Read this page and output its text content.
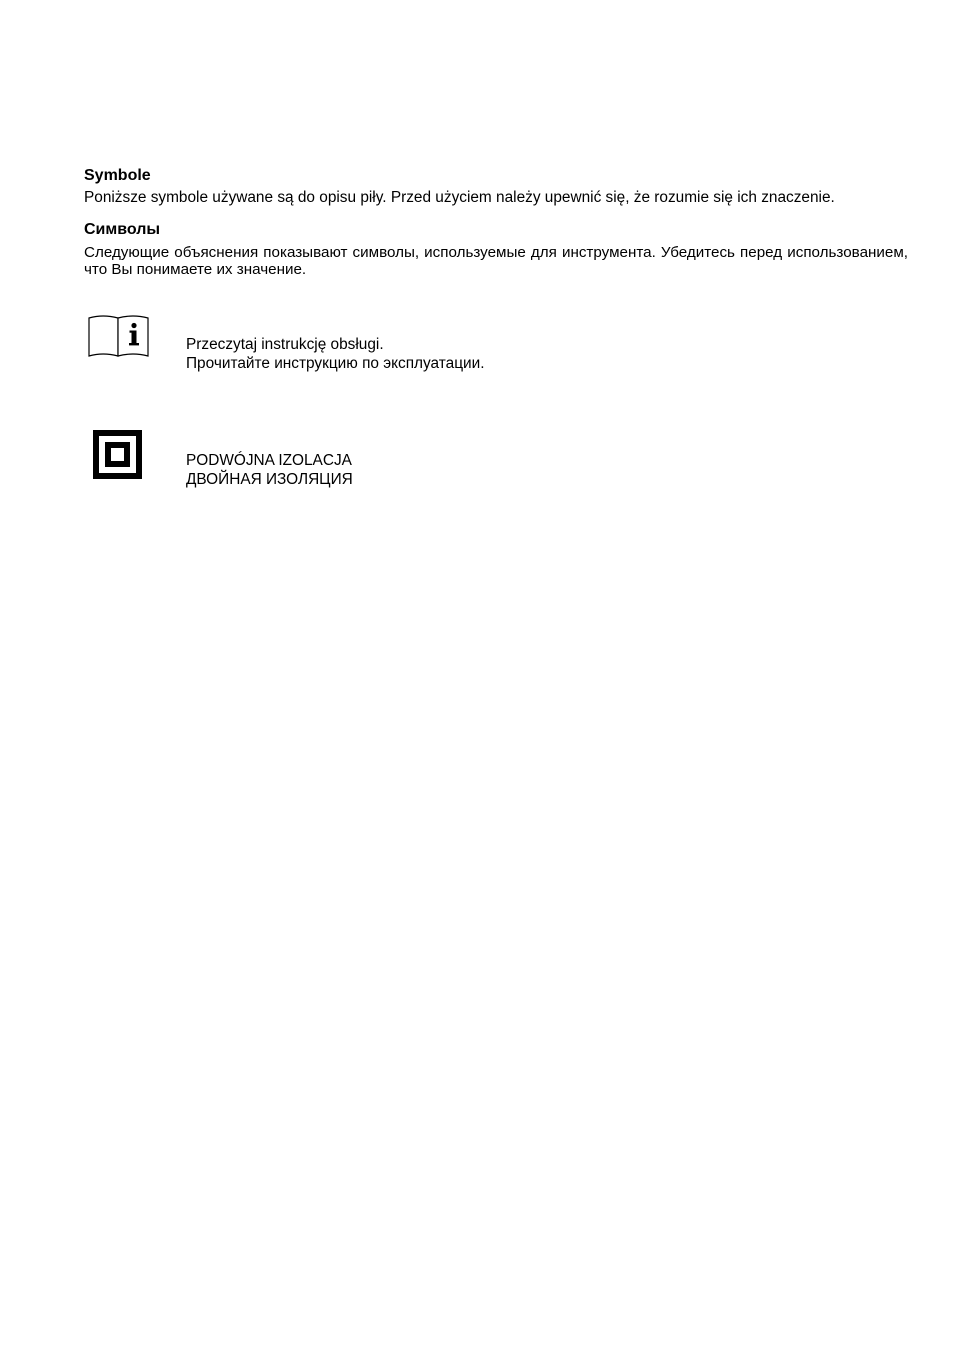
Symbole

Poniższe symbole używane są do opisu piły. Przed użyciem należy upewnić się, że rozumie się ich znaczenie.

Символы

Следующие объяснения показывают символы, используемые для инструмента. Убедитесь перед использованием, что Вы понимаете их значение.

Przeczytaj instrukcję obsługi.
Прочитайте инструкцию по эксплуатации.
PODWÓJNA IZOLACJA
ДВОЙНАЯ ИЗОЛЯЦИЯ
